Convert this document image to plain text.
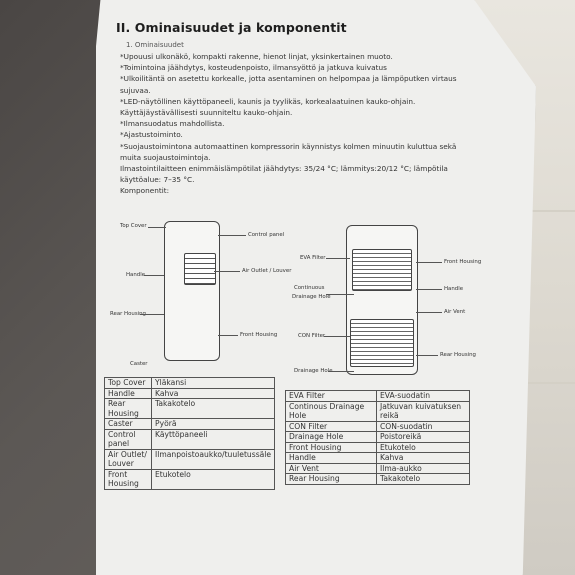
II. Ominaisuudet ja komponentit
1. Ominaisuudet
*Upouusi ulkonäkö, kompakti rakenne, hienot linjat, yksinkertainen muoto.
*Toimintoina jäähdytys, kosteudenpoisto, ilmansyöttö ja jatkuva kuivatus
*Ulkoilitäntä on asetettu korkealle, jotta asentaminen on helpompaa ja lämpöputken virtaus
sujuvaa.
*LED-näytöllinen käyttöpaneeli, kaunis ja tyylikäs, korkealaatuinen kauko-ohjain.
Käyttäjäystävällisesti suunniteltu kauko-ohjain.
*Ilmansuodatus mahdollista.
*Ajastustoiminto.
*Suojaustoimintona automaattinen kompressorin käynnistys kolmen minuutin kuluttua sekä
muita suojaustoimintoja.
Ilmastointilaitteen enimmäislämpötilat jäähdytys: 35/24 °C; lämmitys:20/12 °C; lämpötila
käyttöalue: 7–35 °C.
Komponentit:
Top Cover
Control panel
Handle
Air Outlet / Louver
Rear Housing
Front Housing
Caster
EVA Filter
Front Housing
Continuous
Drainage Hole
Handle
Air Vent
CON Filter
Rear Housing
Drainage Hole
Top Cover	Yläkansi
Handle	Kahva
Rear Housing	Takakotelo
Caster	Pyörä
Control panel	Käyttöpaneeli
Air Outlet/ Louver	Ilmanpoistoaukko/tuuletussäle
Front Housing	Etukotelo
EVA Filter	EVA-suodatin
Continous Drainage Hole	Jatkuvan kuivatuksen reikä
CON Filter	CON-suodatin
Drainage Hole	Poistoreikä
Front Housing	Etukotelo
Handle	Kahva
Air Vent	Ilma-aukko
Rear Housing	Takakotelo
